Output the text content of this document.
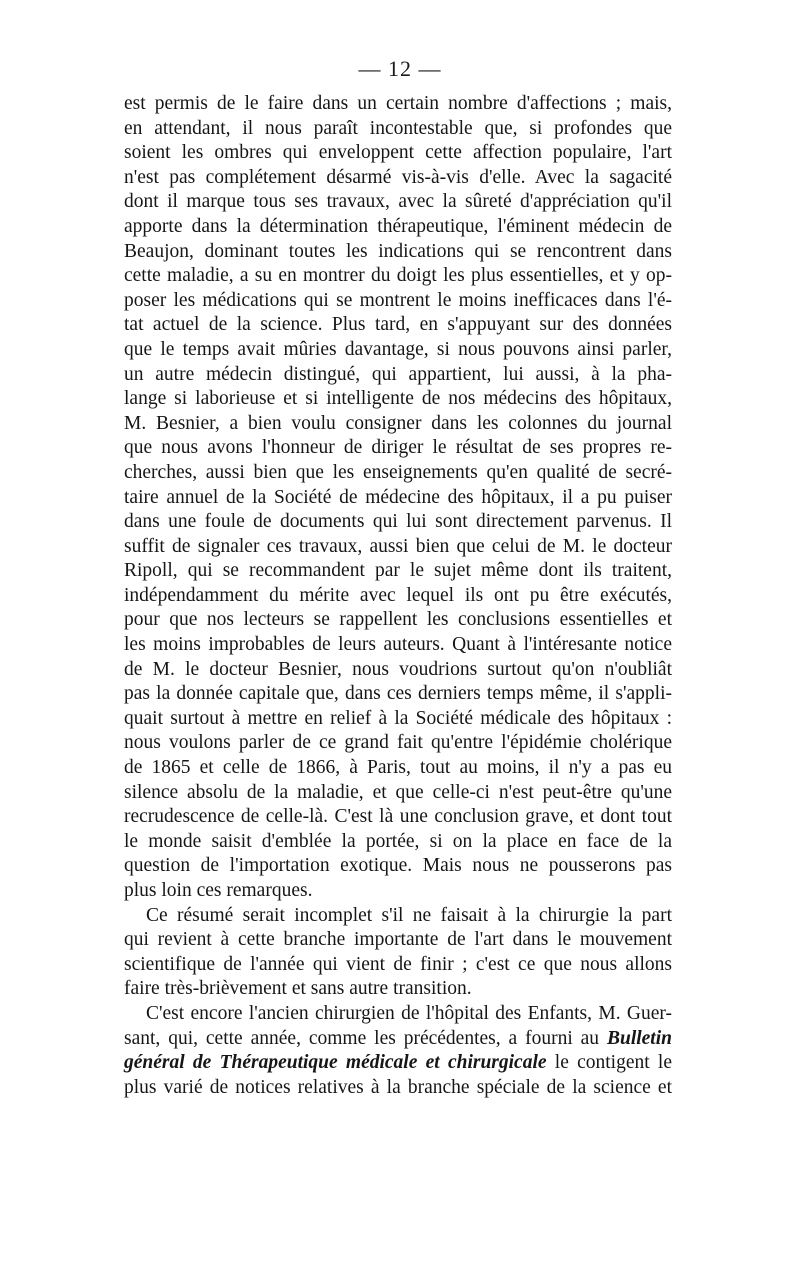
— 12 —

est permis de le faire dans un certain nombre d'affections ; mais,
en attendant, il nous paraît incontestable que, si profondes que
soient les ombres qui enveloppent cette affection populaire, l'art
n'est pas complétement désarmé vis-à-vis d'elle. Avec la sagacité
dont il marque tous ses travaux, avec la sûreté d'appréciation qu'il
apporte dans la détermination thérapeutique, l'éminent médecin de
Beaujon, dominant toutes les indications qui se rencontrent dans
cette maladie, a su en montrer du doigt les plus essentielles, et y op-
poser les médications qui se montrent le moins inefficaces dans l'é-
tat actuel de la science. Plus tard, en s'appuyant sur des données
que le temps avait mûries davantage, si nous pouvons ainsi parler,
un autre médecin distingué, qui appartient, lui aussi, à la pha-
lange si laborieuse et si intelligente de nos médecins des hôpitaux,
M. Besnier, a bien voulu consigner dans les colonnes du journal
que nous avons l'honneur de diriger le résultat de ses propres re-
cherches, aussi bien que les enseignements qu'en qualité de secré-
taire annuel de la Société de médecine des hôpitaux, il a pu puiser
dans une foule de documents qui lui sont directement parvenus. Il
suffit de signaler ces travaux, aussi bien que celui de M. le docteur
Ripoll, qui se recommandent par le sujet même dont ils traitent,
indépendamment du mérite avec lequel ils ont pu être exécutés,
pour que nos lecteurs se rappellent les conclusions essentielles et
les moins improbables de leurs auteurs. Quant à l'intéresante notice
de M. le docteur Besnier, nous voudrions surtout qu'on n'oubliât
pas la donnée capitale que, dans ces derniers temps même, il s'appli-
quait surtout à mettre en relief à la Société médicale des hôpitaux :
nous voulons parler de ce grand fait qu'entre l'épidémie cholérique
de 1865 et celle de 1866, à Paris, tout au moins, il n'y a pas eu
silence absolu de la maladie, et que celle-ci n'est peut-être qu'une
recrudescence de celle-là. C'est là une conclusion grave, et dont tout
le monde saisit d'emblée la portée, si on la place en face de la
question de l'importation exotique. Mais nous ne pousserons pas
plus loin ces remarques.

Ce résumé serait incomplet s'il ne faisait à la chirurgie la part
qui revient à cette branche importante de l'art dans le mouvement
scientifique de l'année qui vient de finir ; c'est ce que nous allons
faire très-brièvement et sans autre transition.

C'est encore l'ancien chirurgien de l'hôpital des Enfants, M. Guer-
sant, qui, cette année, comme les précédentes, a fourni au Bulletin
général de Thérapeutique médicale et chirurgicale le contigent le
plus varié de notices relatives à la branche spéciale de la science et
